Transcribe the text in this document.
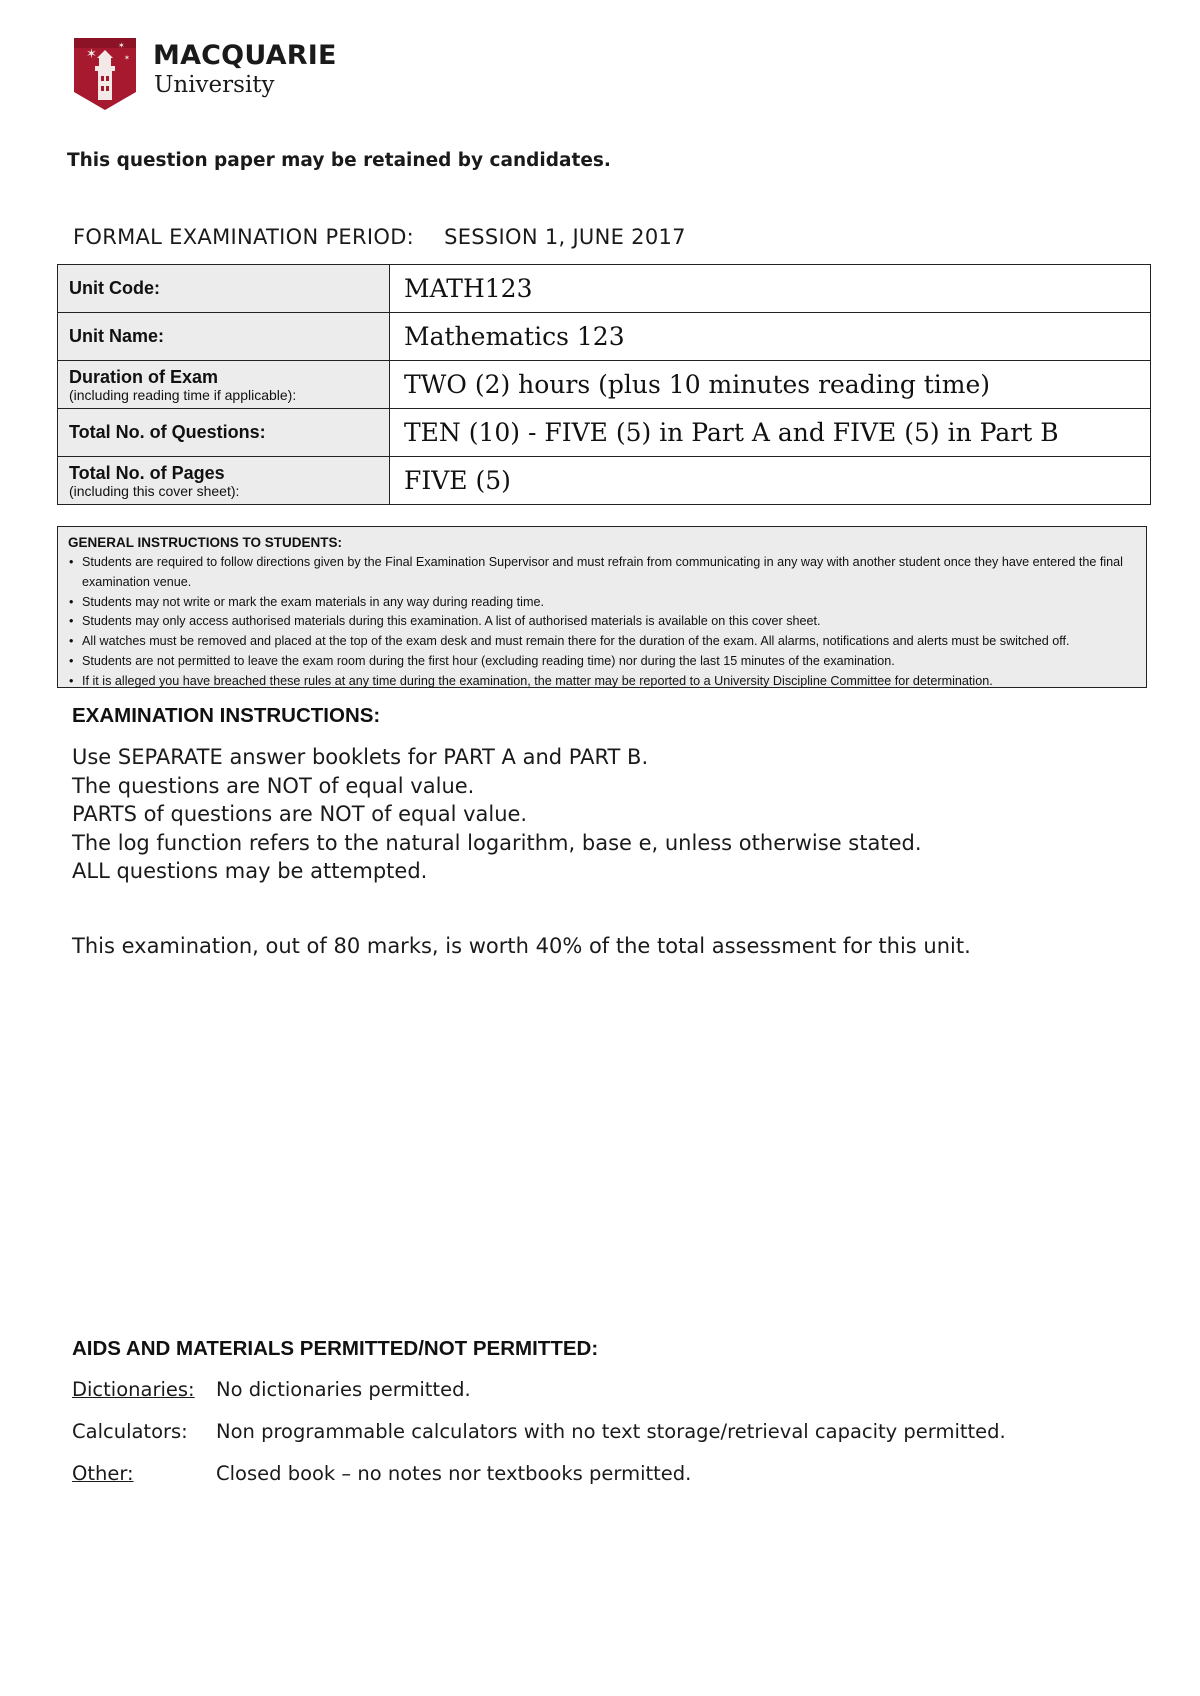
✶
✶
✶ MACQUARIE
University
This question paper may be retained by candidates.
FORMAL EXAMINATION PERIOD: SESSION 1, JUNE 2017
Unit Code:	MATH123
Unit Name:	Mathematics 123
Duration of Exam
(including reading time if applicable):	TWO (2) hours (plus 10 minutes reading time)
Total No. of Questions:	TEN (10) - FIVE (5) in Part A and FIVE (5) in Part B
Total No. of Pages
(including this cover sheet):	FIVE (5)
GENERAL INSTRUCTIONS TO STUDENTS:
• Students are required to follow directions given by the Final Examination Supervisor and must refrain from communicating in any way with another student once they have entered the final examination venue.
• Students may not write or mark the exam materials in any way during reading time.
• Students may only access authorised materials during this examination. A list of authorised materials is available on this cover sheet.
• All watches must be removed and placed at the top of the exam desk and must remain there for the duration of the exam. All alarms, notifications and alerts must be switched off.
• Students are not permitted to leave the exam room during the first hour (excluding reading time) nor during the last 15 minutes of the examination.
• If it is alleged you have breached these rules at any time during the examination, the matter may be reported to a University Discipline Committee for determination.
EXAMINATION INSTRUCTIONS:
Use SEPARATE answer booklets for PART A and PART B.
The questions are NOT of equal value.
PARTS of questions are NOT of equal value.
The log function refers to the natural logarithm, base e, unless otherwise stated.
ALL questions may be attempted.
This examination, out of 80 marks, is worth 40% of the total assessment for this unit.
AIDS AND MATERIALS PERMITTED/NOT PERMITTED:
Dictionaries: No dictionaries permitted.
Calculators: Non programmable calculators with no text storage/retrieval capacity permitted.
Other:	Closed book – no notes nor textbooks permitted.
